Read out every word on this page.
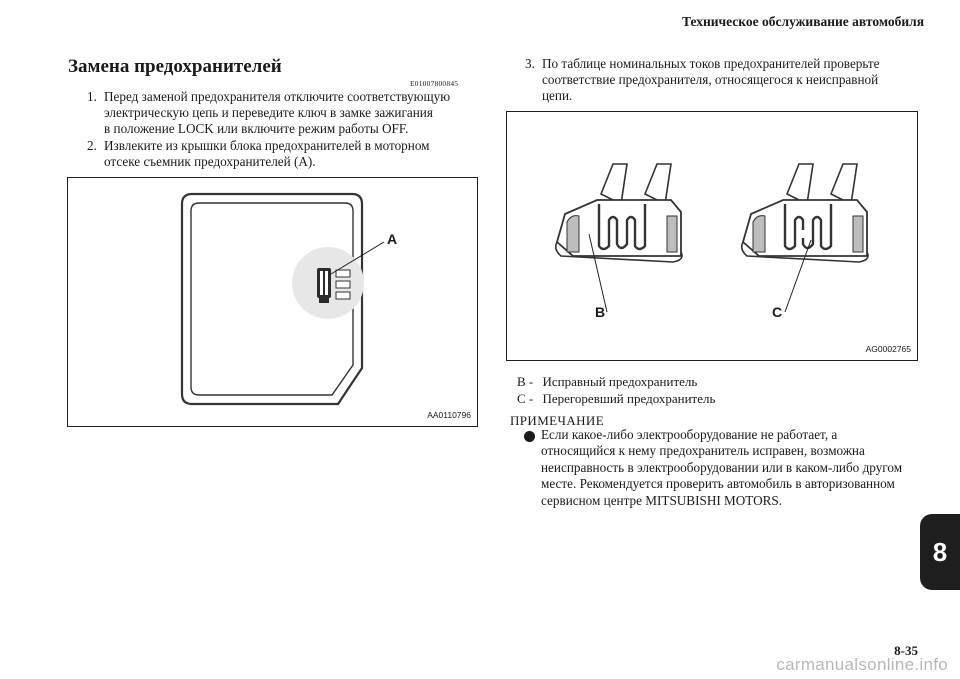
Техническое обслуживание автомобиля
Замена предохранителей
E01007800845
1. Перед заменой предохранителя отключите соответствующую
электрическую цепь и переведите ключ в замке зажигания
в положение LOCK или включите режим работы OFF.
2. Извлеките из крышки блока предохранителей в моторном
отсеке съемник предохранителей (A).
A
AA0110796
3. По таблице номинальных токов предохранителей проверьте
соответствие предохранителя, относящегося к неисправной
цепи.
B	C
AG0002765
B - Исправный предохранитель
C - Перегоревший предохранитель
ПРИМЕЧАНИЕ
Если какое-либо электрооборудование не работает, а
относящийся к нему предохранитель исправен, возможна
неисправность в электрооборудовании или в каком-либо другом
месте. Рекомендуется проверить автомобиль в авторизованном
сервисном центре MITSUBISHI MOTORS.
8
8-35
carmanualsonline.info
